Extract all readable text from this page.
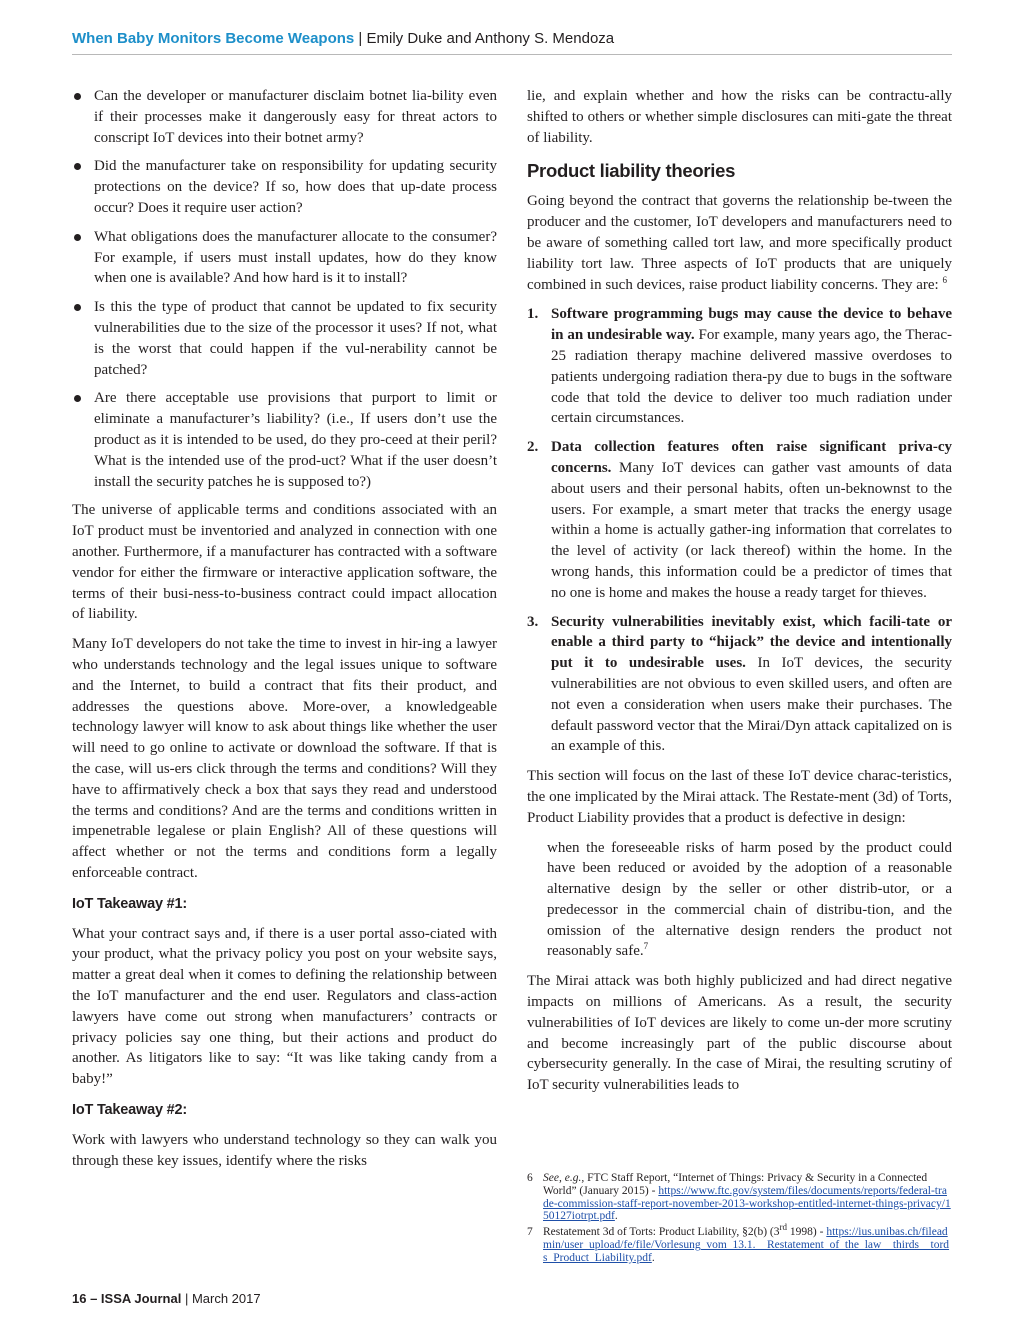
When Baby Monitors Become Weapons | Emily Duke and Anthony S. Mendoza
Can the developer or manufacturer disclaim botnet lia-bility even if their processes make it dangerously easy for threat actors to conscript IoT devices into their botnet army?
Did the manufacturer take on responsibility for updating security protections on the device? If so, how does that up-date process occur? Does it require user action?
What obligations does the manufacturer allocate to the consumer? For example, if users must install updates, how do they know when one is available? And how hard is it to install?
Is this the type of product that cannot be updated to fix security vulnerabilities due to the size of the processor it uses? If not, what is the worst that could happen if the vul-nerability cannot be patched?
Are there acceptable use provisions that purport to limit or eliminate a manufacturer’s liability? (i.e., If users don’t use the product as it is intended to be used, do they pro-ceed at their peril? What is the intended use of the prod-uct? What if the user doesn’t install the security patches he is supposed to?)

The universe of applicable terms and conditions associated with an IoT product must be inventoried and analyzed in connection with one another. Furthermore, if a manufacturer has contracted with a software vendor for either the firmware or interactive application software, the terms of their busi-ness-to-business contract could impact allocation of liability.

Many IoT developers do not take the time to invest in hir-ing a lawyer who understands technology and the legal issues unique to software and the Internet, to build a contract that fits their product, and addresses the questions above. More-over, a knowledgeable technology lawyer will know to ask about things like whether the user will need to go online to activate or download the software. If that is the case, will us-ers click through the terms and conditions? Will they have to affirmatively check a box that says they read and understood the terms and conditions? And are the terms and conditions written in impenetrable legalese or plain English? All of these questions will affect whether or not the terms and conditions form a legally enforceable contract.

IoT Takeaway #1:

What your contract says and, if there is a user portal asso-ciated with your product, what the privacy policy you post on your website says, matter a great deal when it comes to defining the relationship between the IoT manufacturer and the end user. Regulators and class-action lawyers have come out strong when manufacturers’ contracts or privacy policies say one thing, but their actions and product do another. As litigators like to say: “It was like taking candy from a baby!”

IoT Takeaway #2:

Work with lawyers who understand technology so they can walk you through these key issues, identify where the risks

lie, and explain whether and how the risks can be contractu-ally shifted to others or whether simple disclosures can miti-gate the threat of liability.

Product liability theories

Going beyond the contract that governs the relationship be-tween the producer and the customer, IoT developers and manufacturers need to be aware of something called tort law, and more specifically product liability tort law. Three aspects of IoT products that are uniquely combined in such devices, raise product liability concerns. They are: $^6$

1. Software programming bugs may cause the device to behave in an undesirable way. For example, many years ago, the Therac-25 radiation therapy machine delivered massive overdoses to patients undergoing radiation thera-py due to bugs in the software code that told the device to deliver too much radiation under certain circumstances.
2. Data collection features often raise significant priva-cy concerns. Many IoT devices can gather vast amounts of data about users and their personal habits, often un-beknownst to the users. For example, a smart meter that tracks the energy usage within a home is actually gather-ing information that correlates to the level of activity (or lack thereof) within the home. In the wrong hands, this information could be a predictor of times that no one is home and makes the house a ready target for thieves.
3. Security vulnerabilities inevitably exist, which facili-tate or enable a third party to “hijack” the device and intentionally put it to undesirable uses. In IoT devices, the security vulnerabilities are not obvious to even skilled users, and often are not even a consideration when users make their purchases. The default password vector that the Mirai/Dyn attack capitalized on is an example of this.

This section will focus on the last of these IoT device charac-teristics, the one implicated by the Mirai attack. The Restate-ment (3d) of Torts, Product Liability provides that a product is defective in design:

when the foreseeable risks of harm posed by the product could have been reduced or avoided by the adoption of a reasonable alternative design by the seller or other distrib-utor, or a predecessor in the commercial chain of distribu-tion, and the omission of the alternative design renders the product not reasonably safe.$^7$

The Mirai attack was both highly publicized and had direct negative impacts on millions of Americans. As a result, the security vulnerabilities of IoT devices are likely to come un-der more scrutiny and become increasingly part of the public discourse about cybersecurity generally. In the case of Mirai, the resulting scrutiny of IoT security vulnerabilities leads to

6 See, e.g., FTC Staff Report, “Internet of Things: Privacy & Security in a Connected World” (January 2015) - https://www.ftc.gov/system/files/documents/reports/federal-trade-commission-staff-report-november-2013-workshop-entitled-internet-things-privacy/150127iotrpt.pdf.
7 Restatement 3d of Torts: Product Liability, §2(b) (3rd 1998) - https://ius.unibas.ch/fileadmin/user_upload/fe/file/Vorlesung_vom_13.1.__Restatement_of_the_law__thirds__tords_Product_Liability.pdf.
16 – ISSA Journal | March 2017
